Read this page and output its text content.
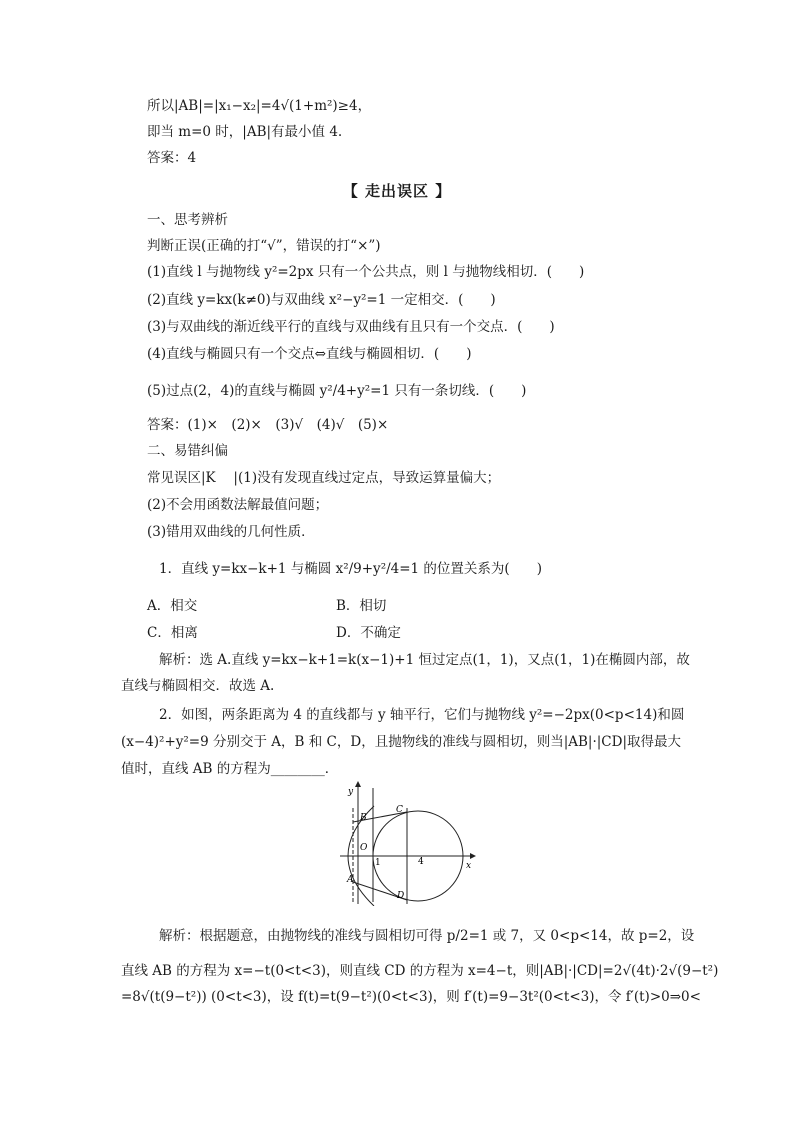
所以|AB|=|x₁−x₂|=4√(1+m²)≥4，
即当 m=0 时，|AB|有最小值 4.
答案：4
【 走出误区 】
一、思考辨析
判断正误(正确的打“√”，错误的打“×”)
(1)直线 l 与抛物线 y²=2px 只有一个公共点，则 l 与抛物线相切．(　　)
(2)直线 y=kx(k≠0)与双曲线 x²−y²=1 一定相交．(　　)
(3)与双曲线的渐近线平行的直线与双曲线有且只有一个交点．(　　)
(4)直线与椭圆只有一个交点⇔直线与椭圆相切．(　　)
(5)过点(2，4)的直线与椭圆 y²/4+y²=1 只有一条切线．(　　)
答案：(1)×　(2)×　(3)√　(4)√　(5)×
二、易错纠偏
常见误区|K　 |(1)没有发现直线过定点，导致运算量偏大；
(2)不会用函数法解最值问题；
(3)错用双曲线的几何性质．
1．直线 y=kx−k+1 与椭圆 x²/9+y²/4=1 的位置关系为(　　)
A．相交	B．相切
C．相离	D．不确定
解析：选 A.直线 y=kx−k+1=k(x−1)+1 恒过定点(1，1)，又点(1，1)在椭圆内部，故
直线与椭圆相交．故选 A.
2．如图，两条距离为 4 的直线都与 y 轴平行，它们与抛物线 y²=−2px(0<p<14)和圆
(x−4)²+y²=9 分别交于 A，B 和 C，D，且抛物线的准线与圆相切，则当|AB|·|CD|取得最大
值时，直线 AB 的方程为________．
y
x
O
1	4
A
B
C
D
解析：根据题意，由抛物线的准线与圆相切可得 p/2=1 或 7，又 0<p<14，故 p=2，设
直线 AB 的方程为 x=−t(0<t<3)，则直线 CD 的方程为 x=4−t，则|AB|·|CD|=2√(4t)·2√(9−t²)
=8√(t(9−t²)) (0<t<3)，设 f(t)=t(9−t²)(0<t<3)，则 f′(t)=9−3t²(0<t<3)，令 f′(t)>0⇒0<
